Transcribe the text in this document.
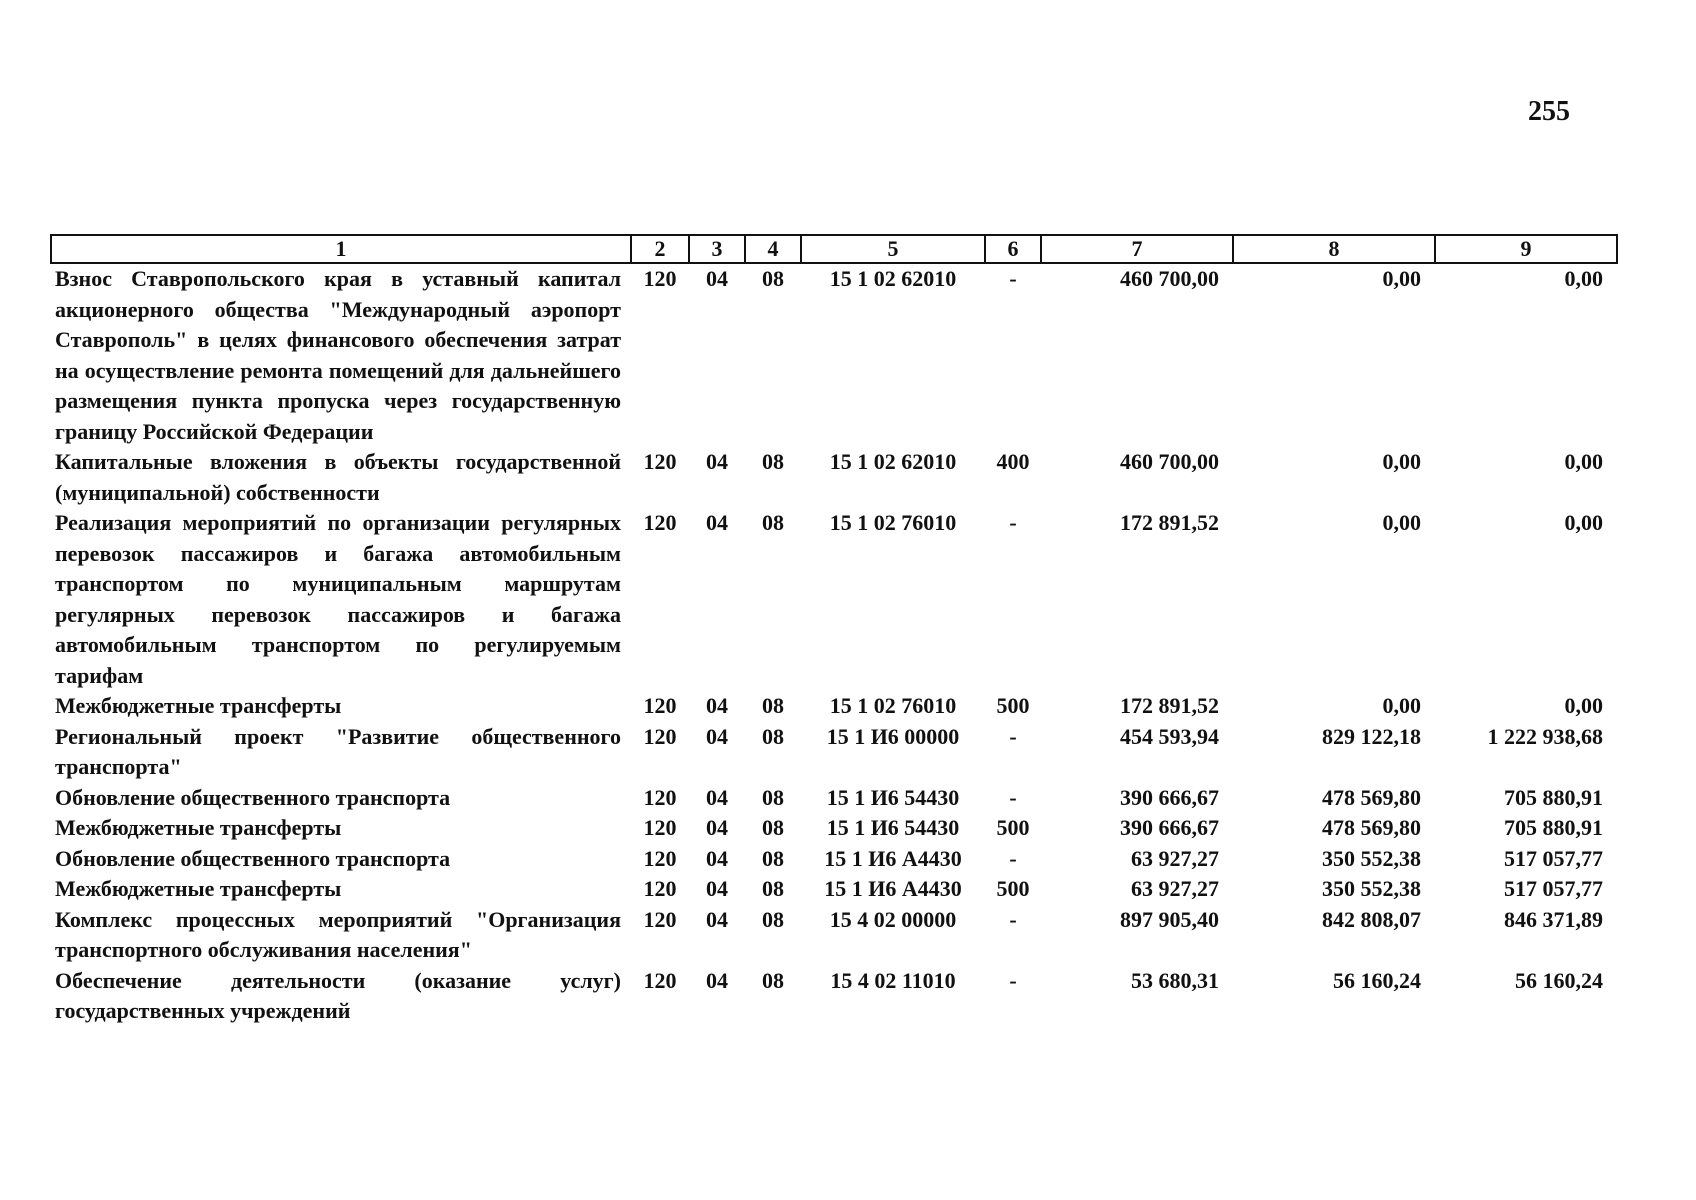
255
1	2	3	4	5	6	7	8	9
Взнос Ставропольского края в уставный капитал акционерного общества "Международный аэропорт Ставрополь" в целях финансового обеспечения затрат на осуществление ремонта помещений для дальнейшего размещения пункта пропуска через государственную границу Российской Федерации	120	04	08	15 1 02 62010	-	460 700,00	0,00	0,00
Капитальные вложения в объекты государственной (муниципальной) собственности	120	04	08	15 1 02 62010	400	460 700,00	0,00	0,00
Реализация мероприятий по организации регулярных перевозок пассажиров и багажа автомобильным транспортом по муниципальным маршрутам регулярных перевозок пассажиров и багажа автомобильным транспортом по регулируемым тарифам	120	04	08	15 1 02 76010	-	172 891,52	0,00	0,00
Межбюджетные трансферты	120	04	08	15 1 02 76010	500	172 891,52	0,00	0,00
Региональный проект "Развитие общественного транспорта"	120	04	08	15 1 И6 00000	-	454 593,94	829 122,18	1 222 938,68
Обновление общественного транспорта	120	04	08	15 1 И6 54430	-	390 666,67	478 569,80	705 880,91
Межбюджетные трансферты	120	04	08	15 1 И6 54430	500	390 666,67	478 569,80	705 880,91
Обновление общественного транспорта	120	04	08	15 1 И6 А4430	-	63 927,27	350 552,38	517 057,77
Межбюджетные трансферты	120	04	08	15 1 И6 А4430	500	63 927,27	350 552,38	517 057,77
Комплекс процессных мероприятий "Организация транспортного обслуживания населения"	120	04	08	15 4 02 00000	-	897 905,40	842 808,07	846 371,89
Обеспечение деятельности (оказание услуг) государственных учреждений	120	04	08	15 4 02 11010	-	53 680,31	56 160,24	56 160,24
